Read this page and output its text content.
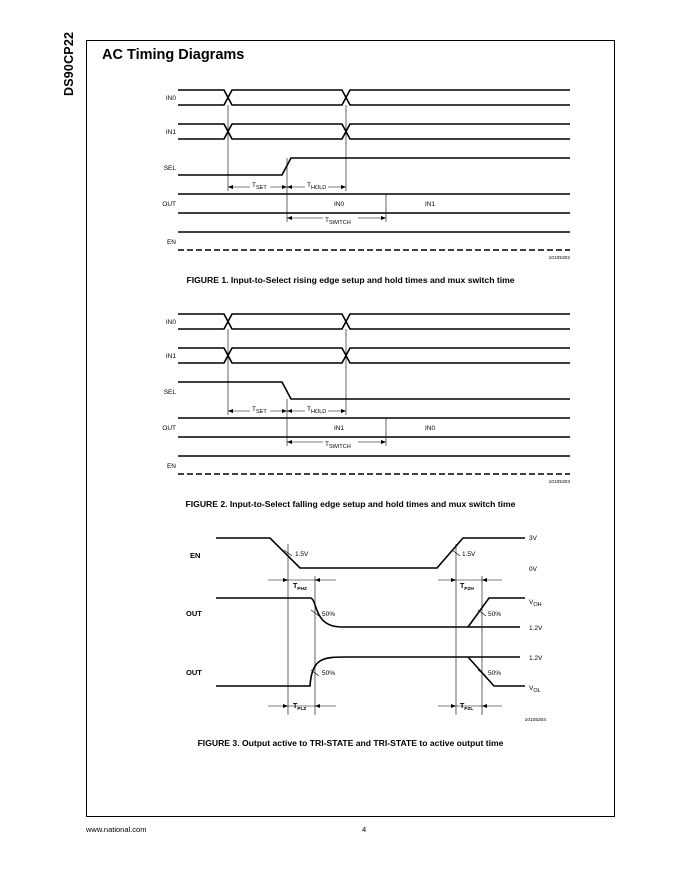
DS90CP22 AC Timing Diagrams
IN0
IN1
SEL
OUT
EN
$T_{SET}$	$T_{HOLD}$
$T_{SWITCH}$
IN0	IN1
10105302
FIGURE 1. Input-to-Select rising edge setup and hold times and mux switch time
IN0
IN1
SEL
OUT
EN
$T_{SET}$	$T_{HOLD}$
$T_{SWITCH}$
IN1	IN0
10105303
FIGURE 2. Input-to-Select falling edge setup and hold times and mux switch time
EN
OUT
OUT
3V
0V
$V_{OH}$
1.2V
1.2V
$V_{OL}$
1.5V	1.5V
50%	50%
50%	50%
$T_{PHZ}$	$T_{PZH}$
$T_{PLZ}$	$T_{PZL}$
10105304
FIGURE 3. Output active to TRI-STATE and TRI-STATE to active output time
www.national.com	4
